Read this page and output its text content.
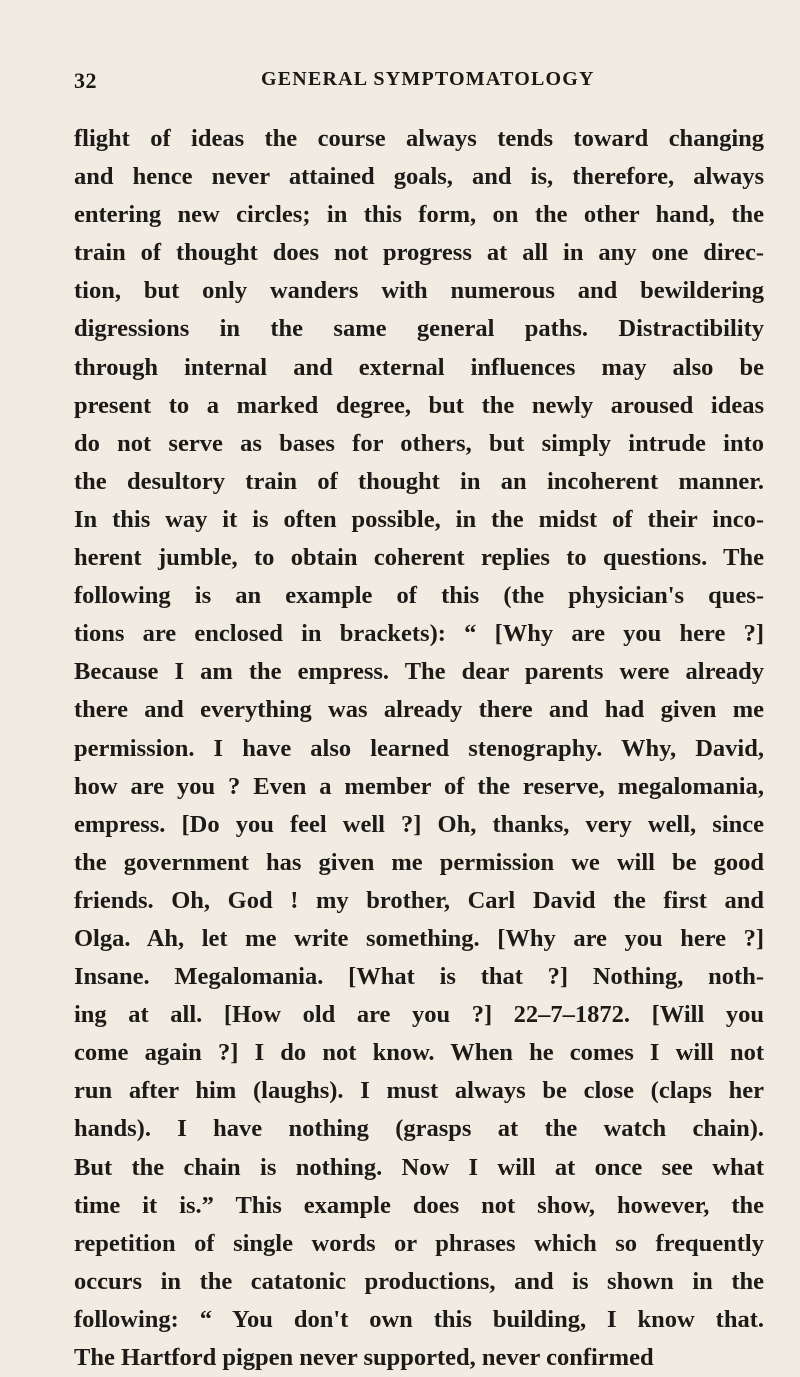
32	GENERAL SYMPTOMATOLOGY
flight of ideas the course always tends toward changing
and hence never attained goals, and is, therefore, always
entering new circles; in this form, on the other hand, the
train of thought does not progress at all in any one direc-
tion, but only wanders with numerous and bewildering
digressions in the same general paths. Distractibility
through internal and external influences may also be
present to a marked degree, but the newly aroused ideas
do not serve as bases for others, but simply intrude into
the desultory train of thought in an incoherent manner.
In this way it is often possible, in the midst of their inco-
herent jumble, to obtain coherent replies to questions. The
following is an example of this (the physician's ques-
tions are enclosed in brackets): “ [Why are you here ?]
Because I am the empress. The dear parents were already
there and everything was already there and had given me
permission. I have also learned stenography. Why, David,
how are you ? Even a member of the reserve, megalomania,
empress. [Do you feel well ?] Oh, thanks, very well, since
the government has given me permission we will be good
friends. Oh, God ! my brother, Carl David the first and
Olga. Ah, let me write something. [Why are you here ?]
Insane. Megalomania. [What is that ?] Nothing, noth-
ing at all. [How old are you ?] 22–7–1872. [Will you
come again ?] I do not know. When he comes I will not
run after him (laughs). I must always be close (claps her
hands). I have nothing (grasps at the watch chain).
But the chain is nothing. Now I will at once see what
time it is.” This example does not show, however, the
repetition of single words or phrases which so frequently
occurs in the catatonic productions, and is shown in the
following: “ You don't own this building, I know that.
The Hartford pigpen never supported, never confirmed
